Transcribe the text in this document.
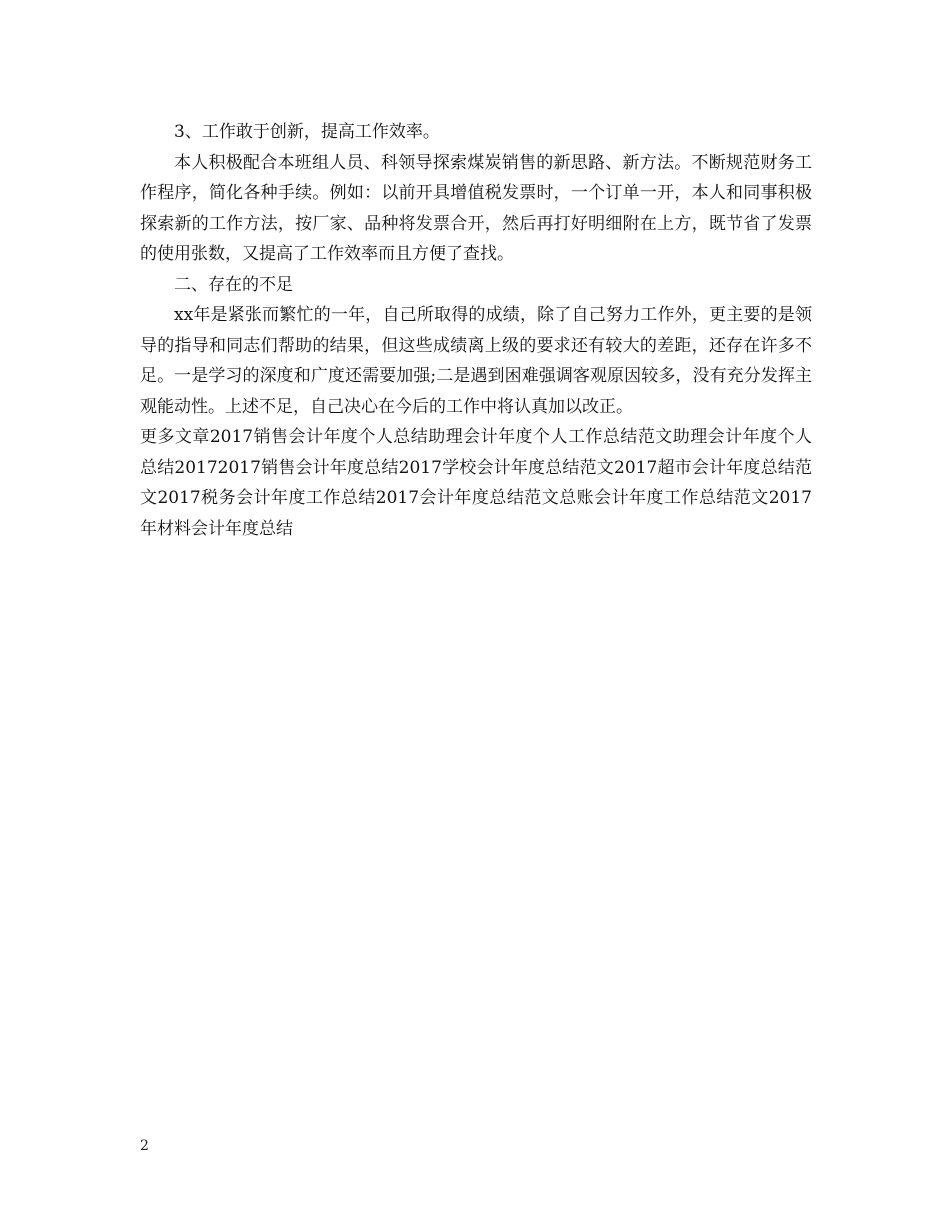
3、工作敢于创新，提高工作效率。

本人积极配合本班组人员、科领导探索煤炭销售的新思路、新方法。不断规范财务工作程序，简化各种手续。例如：以前开具增值税发票时，一个订单一开，本人和同事积极探索新的工作方法，按厂家、品种将发票合开，然后再打好明细附在上方，既节省了发票的使用张数，又提高了工作效率而且方便了查找。

二、存在的不足

xx年是紧张而繁忙的一年，自己所取得的成绩，除了自己努力工作外，更主要的是领导的指导和同志们帮助的结果，但这些成绩离上级的要求还有较大的差距，还存在许多不足。一是学习的深度和广度还需要加强;二是遇到困难强调客观原因较多，没有充分发挥主观能动性。上述不足，自己决心在今后的工作中将认真加以改正。

更多文章2017销售会计年度个人总结助理会计年度个人工作总结范文助理会计年度个人总结20172017销售会计年度总结2017学校会计年度总结范文2017超市会计年度总结范文2017税务会计年度工作总结2017会计年度总结范文总账会计年度工作总结范文2017年材料会计年度总结

2
